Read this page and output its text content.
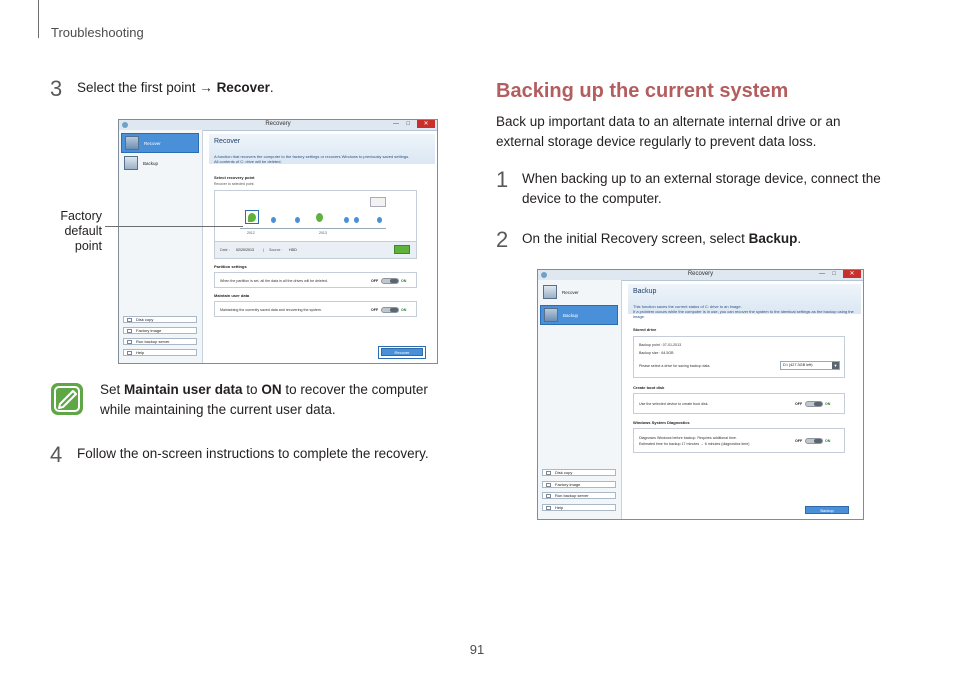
Troubleshooting
3 Select the first point → Recover.
Recovery	— □	✕
Recover
Backup
Disk copy
Factory image
Run backup server
Help
Recover
A function that recovers the computer to the factory settings or recovers Windows to previously saved settings.
All contents of C: drive will be deleted.
Select recovery point
Recover to selected point.
2012	2013
Date : 02/20/2013 | Source : HDD
Partition settings
When the partition is set, all the data in all the drives will be deleted.	OFF	ON
Maintain user data
Maintaining the currently saved data and recovering the system.	OFF	ON
Recover
Factory
default
point
Set Maintain user data to ON to recover the computer while maintaining the current user data.
4 Follow the on-screen instructions to complete the recovery.
Backing up the current system
Back up important data to an alternate internal drive or an external storage device regularly to prevent data loss.
1 When backing up to an external storage device, connect the device to the computer.
2 On the initial Recovery screen, select Backup.
Recovery	— □	✕
Recover
Backup
Disk copy
Factory image
Run backup server
Help
Backup
This function saves the current status of C: drive to an image.
If a problem occurs while the computer is in use, you can recover the system to the identical settings as the backup using the image.
Stored drive
Backup point : 07-01-2013
Backup size : 64.5GB
Please select a drive for saving backup data.	D:\ (427.3GB left)	▼
Create boot disk
Use the selected device to create boot disk.	OFF	ON
Windows System Diagnostics
Diagnoses Windows before backup. Requires additional time.
Estimated time for backup 17 minutes → 6 minutes (diagnostics time)
OFF	ON
Backup
91
